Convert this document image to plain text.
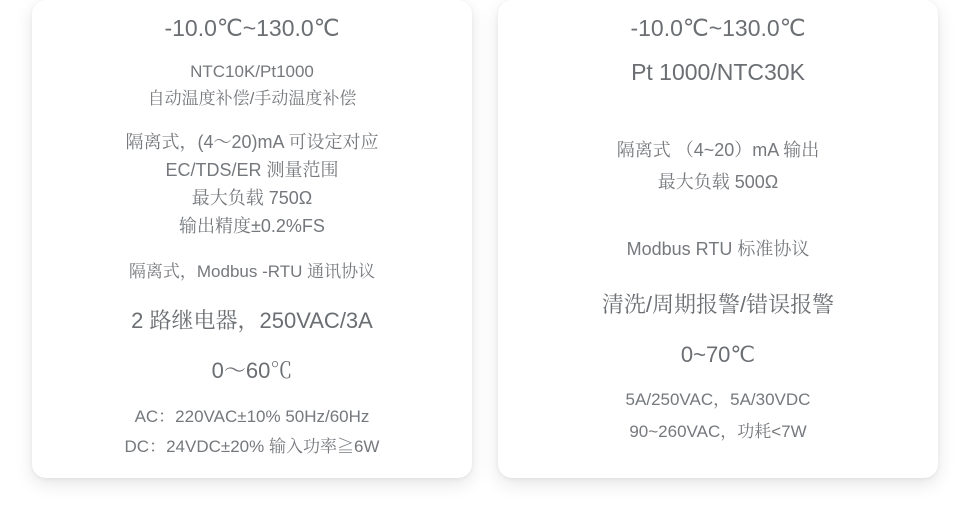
-10.0℃~130.0℃
NTC10K/Pt1000
自动温度补偿/手动温度补偿
隔离式，(4～20)mA 可设定对应
EC/TDS/ER 测量范围
最大负载 750Ω
输出精度±0.2%FS
隔离式，Modbus -RTU 通讯协议
2 路继电器，250VAC/3A
0～60℃
AC：220VAC±10% 50Hz/60Hz
DC：24VDC±20% 输入功率≧6W
-10.0℃~130.0℃
Pt 1000/NTC30K
隔离式 （4~20）mA 输出
最大负载 500Ω
Modbus RTU 标准协议
清洗/周期报警/错误报警
0~70℃
5A/250VAC，5A/30VDC
90~260VAC，功耗<7W
